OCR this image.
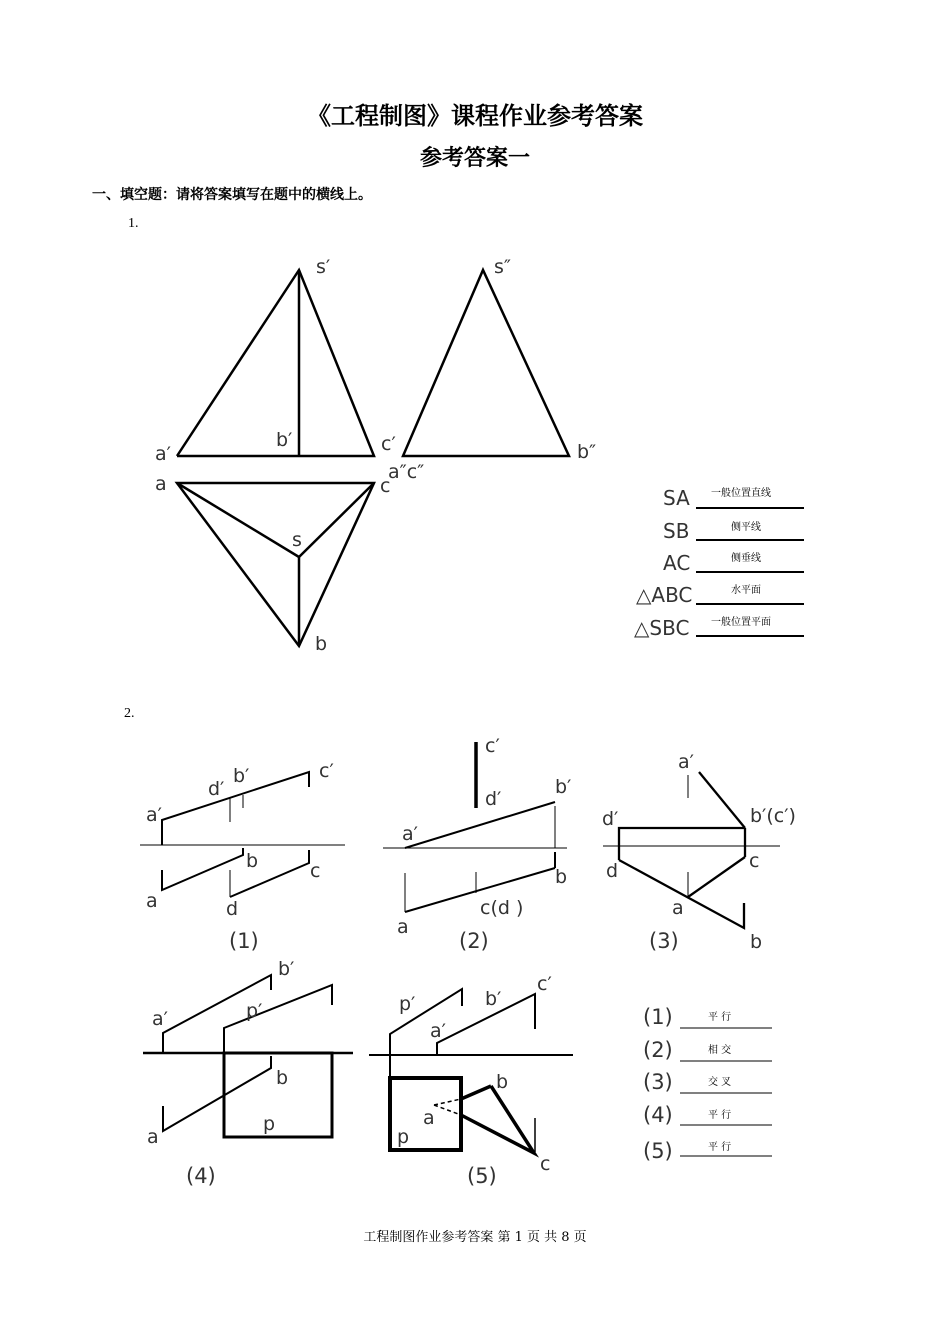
《工程制图》课程作业参考答案
参考答案一
一、填空题：请将答案填写在题中的横线上。
1.
2.
s′	s″
a′
b′	c′	b″
a″c″
a	c
s
b
SA 一般位置直线
SB	侧平线
AC	侧垂线
△ABC	水平面
△SBC 一般位置平面
a′
d′
b′	c′
b	c
a	d
(1)
c′
d′
b′
a′
b
c(d )
a
(2)
a′
b′(c′)
d′
d	c
a
b
(3)
b′
a′	p′
b
a
p
(4)
p′	b′
c′
a′
b
a
p
c
(5)
(1)	平 行
(2)	相 交
(3)	交 叉
(4)	平 行
(5)	平 行
工程制图作业参考答案 第 1 页 共 8 页
